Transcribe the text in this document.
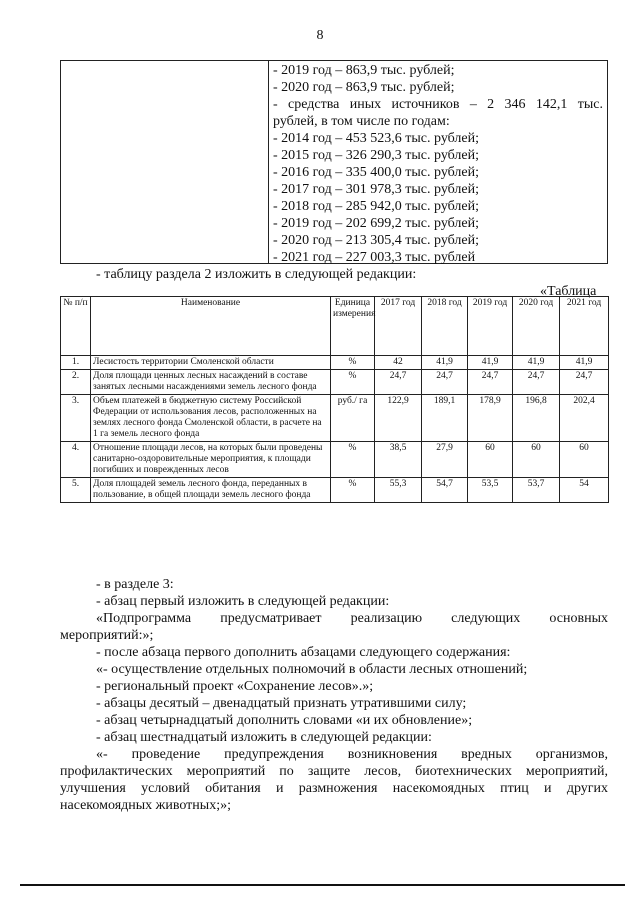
8
- 2019 год – 863,9 тыс. рублей;
- 2020 год – 863,9 тыс. рублей;
- средства иных источников – 2 346 142,1 тыс.
рублей, в том числе по годам:
- 2014 год – 453 523,6 тыс. рублей;
- 2015 год – 326 290,3 тыс. рублей;
- 2016 год – 335 400,0 тыс. рублей;
- 2017 год – 301 978,3 тыс. рублей;
- 2018 год – 285 942,0 тыс. рублей;
- 2019 год – 202 699,2 тыс. рублей;
- 2020 год – 213 305,4 тыс. рублей;
- 2021 год – 227 003,3 тыс. рублей
- таблицу раздела 2 изложить в следующей редакции:
«Таблица
№ п/п	Наименование	Единица измерения	2017 год	2018 год	2019 год	2020 год	2021 год
1.	Лесистость территории Смоленской области	%	42	41,9	41,9	41,9	41,9
2.	Доля площади ценных лесных насаждений в составе занятых лесными насаждениями земель лесного фонда	%	24,7	24,7	24,7	24,7	24,7
3.	Объем платежей в бюджетную систему Российской Федерации от использования лесов, расположенных на землях лесного фонда Смоленской области, в расчете на 1 га земель лесного фонда	руб./ га	122,9	189,1	178,9	196,8	202,4
4.	Отношение площади лесов, на которых были проведены санитарно-оздоровительные мероприятия, к площади погибших и поврежденных лесов	%	38,5	27,9	60	60	60
5.	Доля площадей земель лесного фонда, переданных в пользование, в общей площади земель лесного фонда	%	55,3	54,7	53,5	53,7	54
- в разделе 3:
- абзац первый изложить в следующей редакции:
«Подпрограмма предусматривает реализацию следующих основных
мероприятий:»;
- после абзаца первого дополнить абзацами следующего содержания:
«- осуществление отдельных полномочий в области лесных отношений;
- региональный проект «Сохранение лесов».»;
- абзацы десятый – двенадцатый признать утратившими силу;
- абзац четырнадцатый дополнить словами «и их обновление»;
- абзац шестнадцатый изложить в следующей редакции:
«- проведение предупреждения возникновения вредных организмов,
профилактических мероприятий по защите лесов, биотехнических мероприятий,
улучшения условий обитания и размножения насекомоядных птиц и других
насекомоядных животных;»;
